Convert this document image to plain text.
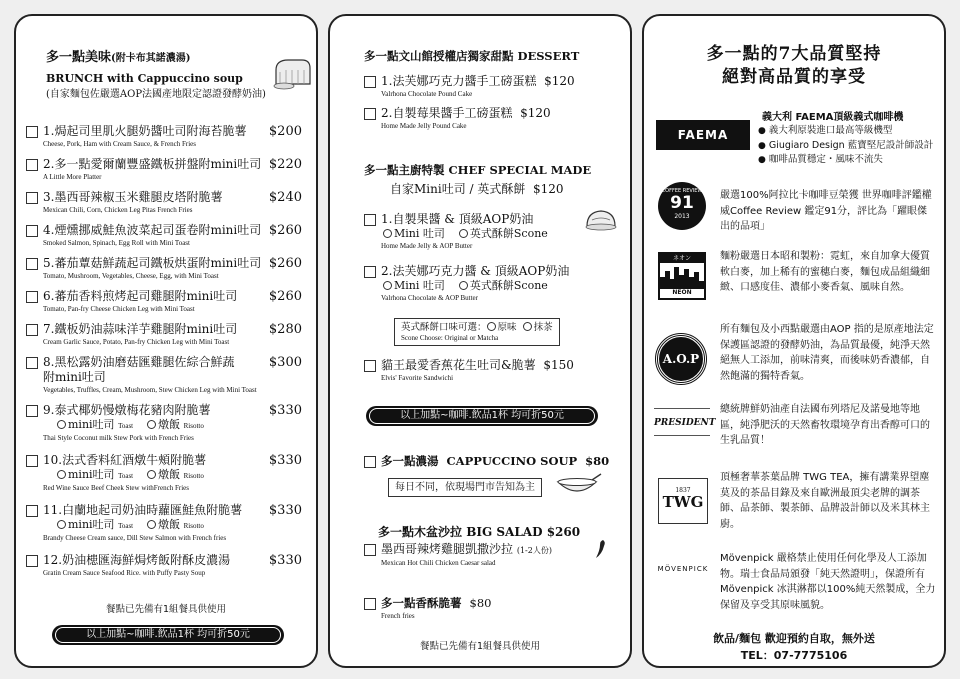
多一點美味(附卡布其諾濃湯)
BRUNCH with Cappuccino soup
(自家麵包佐嚴選AOP法國產地限定認證發酵奶油)
1.焗起司里肌火腿奶醬吐司附海苔脆薯
Cheese, Pork, Ham with Cream Sauce, & French Fries
$200
2.多一點愛爾蘭豐盛鐵板拼盤附mini吐司
A Little More Platter
$220
3.墨西哥辣椒玉米雞腿皮塔附脆薯
Mexican Chili, Corn, Chicken Leg Pitas French Fries
$240
4.煙燻挪威鮭魚波菜起司蛋卷附mini吐司
Smoked Salmon, Spinach, Egg Roll with Mini Toast
$260
5.蕃茄蕈菇鮮蔬起司鐵板烘蛋附mini吐司
Tomato, Mushroom, Vegetables, Cheese, Egg, with Mini Toast
$260
6.蕃茄香料煎烤起司雞腿附mini吐司
Tomato, Pan-fry Cheese Chicken Leg with Mini Toast
$260
7.鐵板奶油蒜味洋芋雞腿附mini吐司
Cream Garlic Sauce, Potato, Pan-fry Chicken Leg with Mini Toast
$280
8.黑松露奶油磨菇匯雞腿佐綜合鮮蔬
附mini吐司
Vegetables, Truffles, Cream, Mushroom, Stew Chicken Leg with Mini Toast
$300
9.泰式椰奶慢燉梅花豬肉附脆薯
mini吐司 Toast 燉飯 Risotto
Thai Style Coconut milk Stew Pork with French Fries
$330
10.法式香料紅酒燉牛頰附脆薯
mini吐司 Toast 燉飯 Risotto
Red Wine Sauce Beef Cheek Stew withFrench Fries
$330
11.白蘭地起司奶油時蘿匯鮭魚附脆薯
mini吐司 Toast 燉飯 Risotto
Brandy Cheese Cream sauce, Dill Stew Salmon with French fries
$330
12.奶油槵匯海鮮焗烤飯附酥皮濃湯
Gratin Cream Sauce Seafood Rice. with Puffy Pasty Soup
$330
餐點已先備有1組餐具供使用
以上加點~咖啡.飲品1杯 均可折50元
多一點文山館授權店獨家甜點 DESSERT
1.法芙娜巧克力醬手工磅蛋糕 $120
Valrhona Chocolate Pound Cake
2.自製莓果醬手工磅蛋糕 $120
Home Made Jelly Pound Cake
多一點主廚特製 CHEF SPECIAL MADE
自家Mini吐司 / 英式酥餅 $120
1.自製果醬 & 頂級AOP奶油
Mini 吐司 英式酥餅Scone
Home Made Jelly & AOP Butter
2.法芙娜巧克力醬 & 頂級AOP奶油
Mini 吐司 英式酥餅Scone
Valrhona Chocolate & AOP Butter
英式酥餅口味可選： 原味 抹茶
Scone Choose: Original or Matcha
貓王最愛香蕉花生吐司&脆薯 $150
Elvis' Favorite Sandwichi
以上加點~咖啡.飲品1杯 均可折50元
多一點濃湯 CAPPUCCINO SOUP $80
每日不同，依現場門市告知為主
多一點木盆沙拉 BIG SALAD $260
墨西哥辣烤雞腿凱撒沙拉 (1-2人份)
Mexican Hot Chili Chicken Caesar salad
多一點香酥脆薯 $80
French fries
餐點已先備有1組餐具供使用
多一點的7大品質堅持
絕對高品質的享受
FAEMA
義大利 FAEMA頂級義式咖啡機
● 義大利原裝進口最高等級機型
● Giugiaro Design 藍寶堅尼設計師設計
● 咖啡品質穩定・風味不流失
COFFEE REVIEW
91
2013
嚴選100%阿拉比卡咖啡豆榮獲 世界咖啡評鑑權威Coffee Review 鑑定91分，評比為「躍眼傑出的品項」
ネオン
NEON
麵粉嚴選日本昭和製粉：霓虹，來自加拿大優質軟白麥，加上稀有的蜜穗白麥，麵包成品組織細緻、口感度佳、濃郁小麥香氣、風味自然。
A.O.P
所有麵包及小西點嚴選由AOP 指的是原產地法定保護區認證的發酵奶油，為品質最優，純淨天然絕無人工添加，前味清爽，而後味奶香濃郁，自然飽滿的獨特香氣。
PRESIDENT
總統牌鮮奶油產自法國布列塔尼及諾曼地等地區，純淨肥沃的天然畜牧環境孕育出香醇可口的生乳品質！
1837
TWG
頂極奢華茶葉品牌 TWG TEA，擁有講業界望塵莫及的茶品目錄及來自歐洲最頂尖老牌的調茶師、品茶師、製茶師、品牌設計師以及米其林主廚。
MÖVENPICK
Mövenpick 嚴格禁止使用任何化學及人工添加物。瑞士食品局頒發「純天然證明」，保證所有Mövenpick 冰淇淋都以100%純天然製成，全力保留及享受其原味風貌。
飲品/麵包 歡迎預約自取，無外送
TEL：07-7775106
